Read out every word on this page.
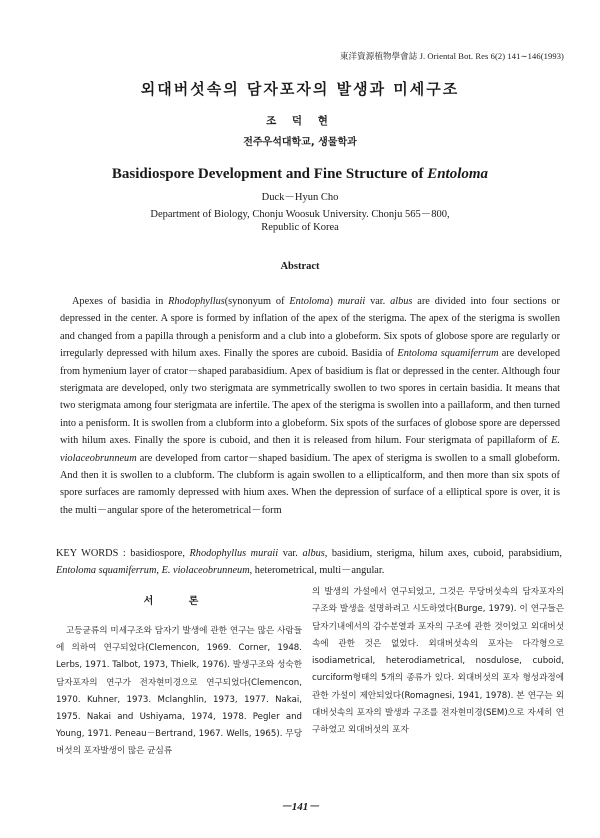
東洋資源植物學會誌 J. Oriental Bot. Res 6(2) 141∼146(1993)
외대버섯속의 담자포자의 발생과 미세구조
조 덕 현
전주우석대학교, 생물학과
Basidiospore Development and Fine Structure of Entoloma
Duck－Hyun Cho
Department of Biology, Chonju Woosuk University. Chonju 565－800,
Republic of Korea
Abstract
Apexes of basidia in Rhodophyllus(synonyum of Entoloma) muraii var. albus are divided into four sections or depressed in the center. A spore is formed by inflation of the apex of the sterigma. The apex of the sterigma is swollen and changed from a papilla through a penisform and a club into a globeform. Six spots of globose spore are regularly or irregularly depressed with hilum axes. Finally the spores are cuboid. Basidia of Entoloma squamiferrum are developed from hymenium layer of crator－shaped parabasidium. Apex of basidium is flat or depressed in the center. Although four sterigmata are developed, only two sterigmata are symmetrically swollen to two spores in certain basidia. It means that two sterigmata among four sterigmata are infertile. The apex of the sterigma is swollen into a paillaform, and then turned into a penisform. It is swollen from a clubform into a globeform. Six spots of the surfaces of globose spore are deperssed with hilum axes. Finally the spore is cuboid, and then it is released from hilum. Four sterigmata of papillaform of E. violaceobrunneum are developed from cartor－shaped basidium. The apex of sterigma is swollen to a small globeform. And then it is swollen to a clubform. The clubform is again swollen to a ellipticalform, and then more than six spots of spore surfaces are ramomly depressed with hium axes. When the depression of surface of a elliptical spore is over, it is the multi－angular spore of the heterometrical－form
KEY WORDS : basidiospore, Rhodophyllus muraii var. albus, basidium, sterigma, hilum axes, cuboid, parabsidium, Entoloma squamiferrum, E. violaceobrunneum, heterometrical, multi－angular.
서 론
고등균류의 미세구조와 담자기 발생에 관한 연구는 많은 사람들에 의하여 연구되었다(Clemencon, 1969. Corner, 1948. Lerbs, 1971. Talbot, 1973, Thielk, 1976). 발생구조와 성숙한 담자포자의 연구가 전자현미경으로 연구되었다(Clemencon, 1970. Kuhner, 1973. Mclanghlin, 1973, 1977. Nakai, 1975. Nakai and Ushiyama, 1974, 1978. Pegler and Young, 1971. Peneau－Bertrand, 1967. Wells, 1965). 무당버섯의 포자발생이 많은 균심류
의 발생의 가설에서 연구되었고, 그것은 무당버섯속의 담자포자의 구조와 발생을 설명하려고 시도하였다(Burge, 1979). 이 연구들은 담자기내에서의 감수분열과 포자의 구조에 관한 것이었고 외대버섯속에 관한 것은 없었다. 외대버섯속의 포자는 다각형으로 isodiametrical, heterodiametrical, nosdulose, cuboid, curciform형태의 5개의 종류가 있다. 외대버섯의 포자 형성과정에 관한 가설이 제안되었다(Romagnesi, 1941, 1978). 본 연구는 외대버섯속의 포자의 발생과 구조를 전자현미경(SEM)으로 자세히 연구하였고 외대버섯의 포자
－141－
